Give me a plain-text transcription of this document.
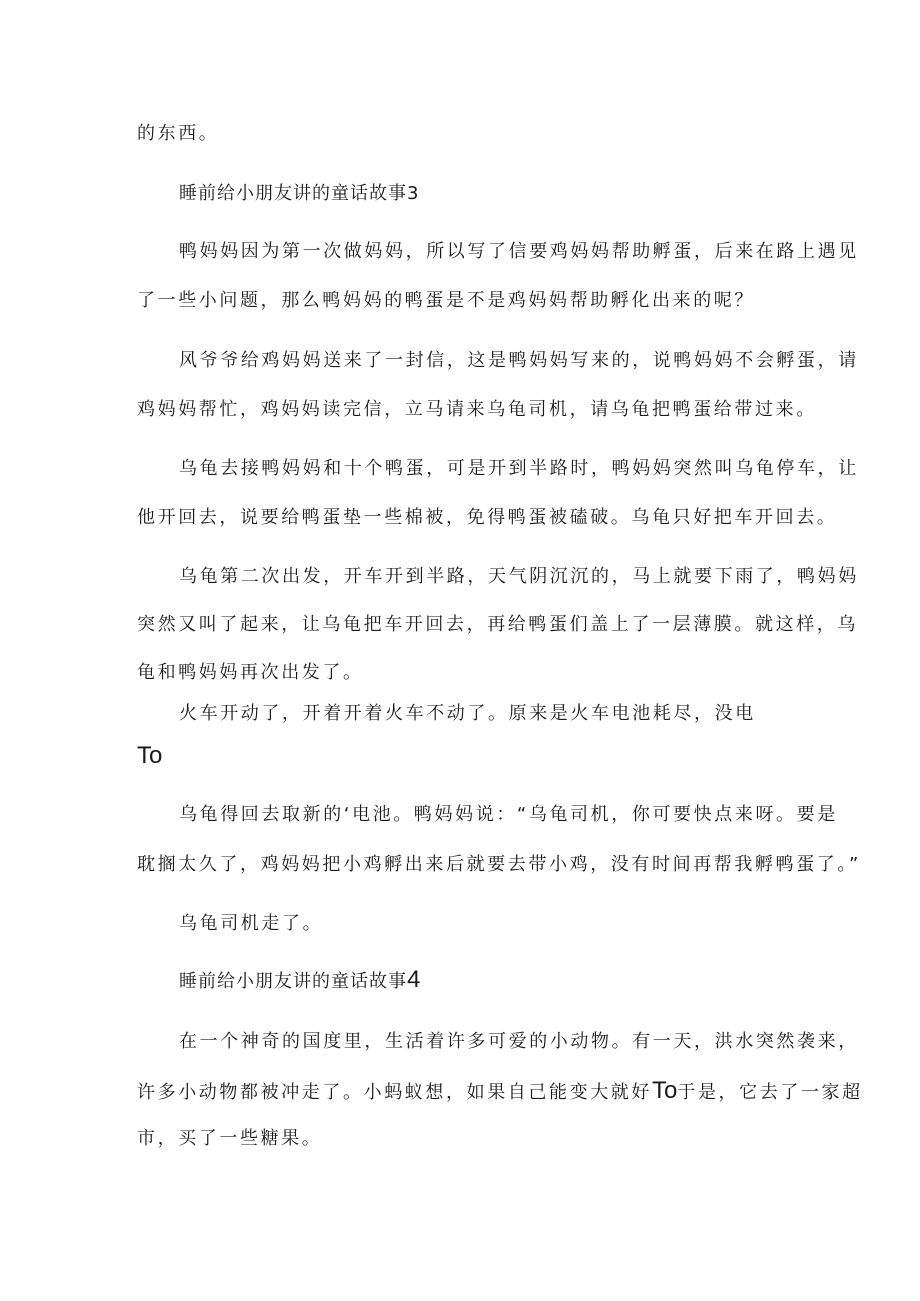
的东西。
睡前给小朋友讲的童话故事3
鸭妈妈因为第一次做妈妈，所以写了信要鸡妈妈帮助孵蛋，后来在路上遇见
了一些小问题，那么鸭妈妈的鸭蛋是不是鸡妈妈帮助孵化出来的呢？
风爷爷给鸡妈妈送来了一封信，这是鸭妈妈写来的，说鸭妈妈不会孵蛋，请
鸡妈妈帮忙，鸡妈妈读完信，立马请来乌龟司机，请乌龟把鸭蛋给带过来。
乌龟去接鸭妈妈和十个鸭蛋，可是开到半路时，鸭妈妈突然叫乌龟停车，让
他开回去，说要给鸭蛋垫一些棉被，免得鸭蛋被磕破。乌龟只好把车开回去。
乌龟第二次出发，开车开到半路，天气阴沉沉的，马上就要下雨了，鸭妈妈
突然又叫了起来，让乌龟把车开回去，再给鸭蛋们盖上了一层薄膜。就这样，乌
龟和鸭妈妈再次出发了。
火车开动了，开着开着火车不动了。原来是火车电池耗尽，没电
To
乌龟得回去取新的‘电池。鸭妈妈说：“乌龟司机，你可要快点来呀。要是
耽搁太久了，鸡妈妈把小鸡孵出来后就要去带小鸡，没有时间再帮我孵鸭蛋了。”
乌龟司机走了。
睡前给小朋友讲的童话故事4
在一个神奇的国度里，生活着许多可爱的小动物。有一天，洪水突然袭来，
许多小动物都被冲走了。小蚂蚁想，如果自己能变大就好To于是，它去了一家超
市，买了一些糖果。
